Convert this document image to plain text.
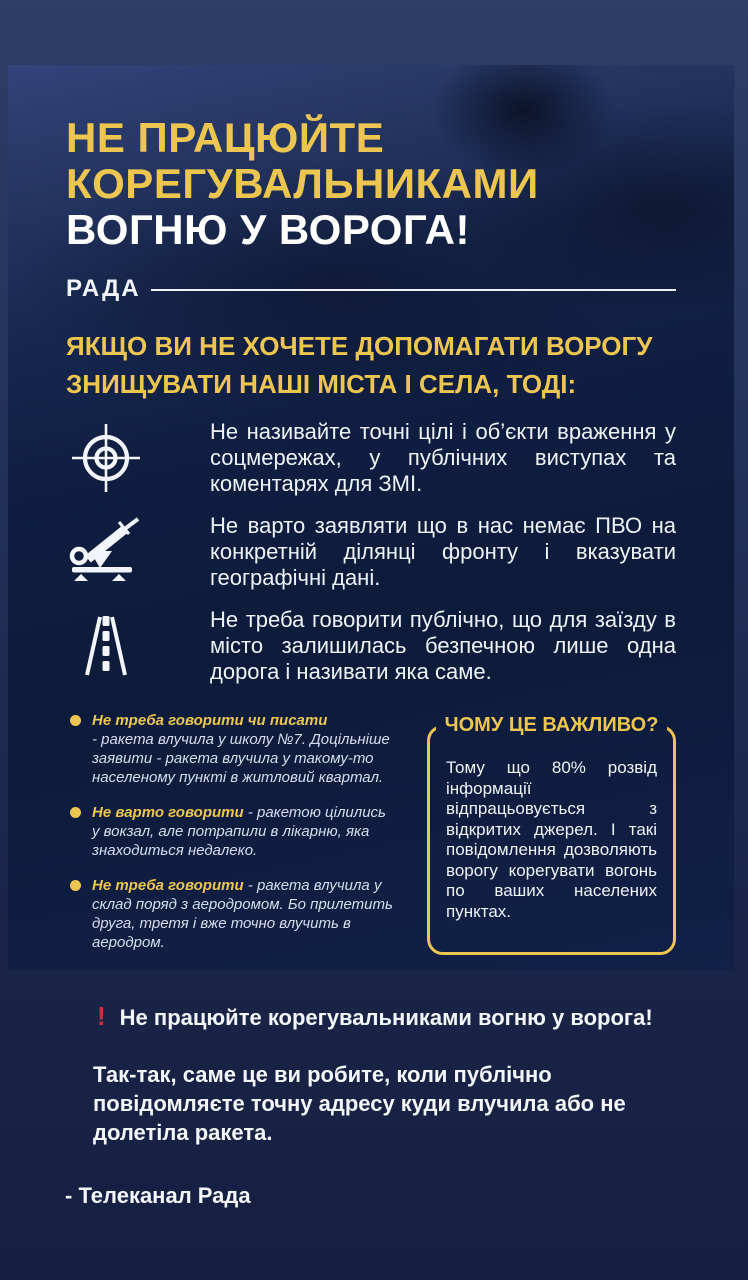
НЕ ПРАЦЮЙТЕ
КОРЕГУВАЛЬНИКАМИ
ВОГНЮ У ВОРОГА!
РАДА
ЯКЩО ВИ НЕ ХОЧЕТЕ ДОПОМАГАТИ ВОРОГУ
ЗНИЩУВАТИ НАШІ МІСТА І СЕЛА, ТОДІ:
Не називайте точні цілі і об’єкти враження у соцмережах, у публічних виступах та коментарях для ЗМІ.
Не варто заявляти що в нас немає ПВО на конкретній ділянці фронту і вказувати географічні дані.
Не треба говорити публічно, що для заїзду в місто залишилась безпечною лише одна дорога і називати яка саме.
Не треба говорити чи писати
- ракета влучила у школу №7. Доцільніше заявити - ракета влучила у такому-то населеному пункті в житловий квартал.
Не варто говорити - ракетою цілились у вокзал, але потрапили в лікарню, яка знаходиться недалеко.
Не треба говорити - ракета влучила у склад поряд з аеродромом. Бо прилетить друга, третя і вже точно влучить в аеродром.
ЧОМУ ЦЕ ВАЖЛИВО?
Тому що 80% розвід інформації відпрацьовується з відкритих джерел. І такі повідомлення дозволяють ворогу корегувати вогонь по ваших населених пунктах.
! Не працюйте корегувальниками вогню у ворога!
Так-так, саме це ви робите, коли публічно повідомляєте точну адресу куди влучила або не долетіла ракета.
- Телеканал Рада
